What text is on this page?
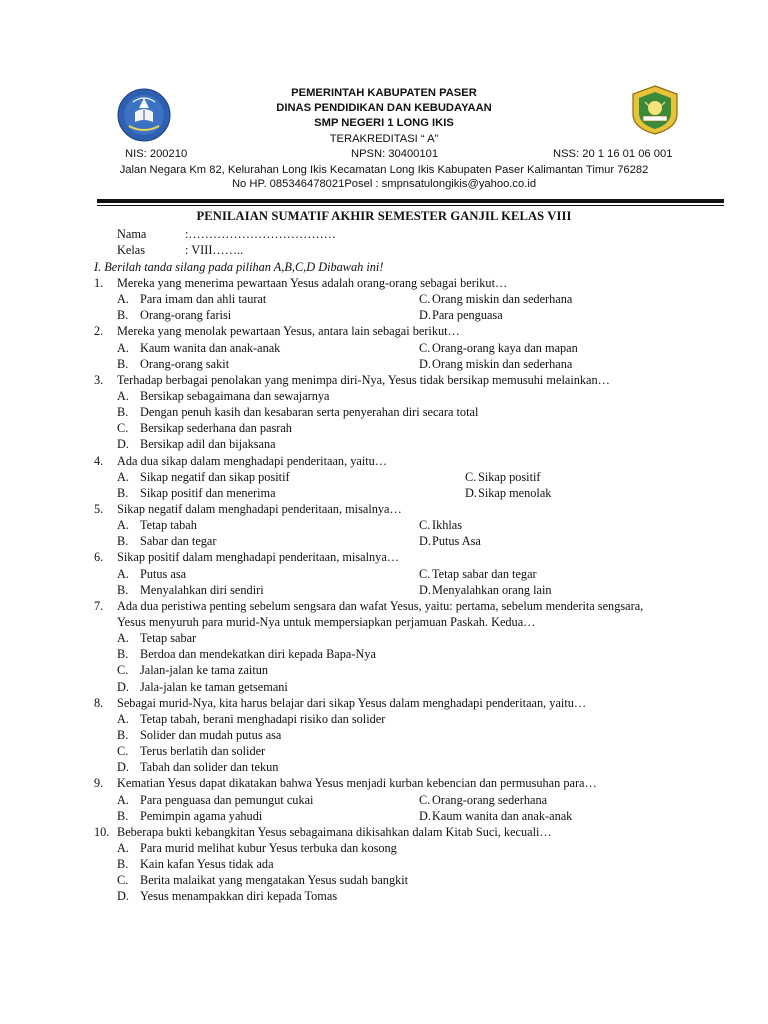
PEMERINTAH KABUPATEN PASER
DINAS PENDIDIKAN DAN KEBUDAYAAN
SMP NEGERI 1 LONG IKIS
TERAKREDITASI “ A”
NIS: 200210	NPSN: 30400101	NSS: 20 1 16 01 06 001
Jalan Negara Km 82, Kelurahan Long Ikis Kecamatan Long Ikis Kabupaten Paser Kalimantan Timur 76282
No HP. 085346478021Posel : smpnsatulongikis@yahoo.co.id
PENILAIAN SUMATIF AKHIR SEMESTER GANJIL KELAS VIII
Nama	:………………………………
Kelas	: VIII……..
I. Berilah tanda silang pada pilihan A,B,C,D Dibawah ini!
1. Mereka yang menerima pewartaan Yesus adalah orang-orang sebagai berikut…
A. Para imam dan ahli taurat	C. Orang miskin dan sederhana
B. Orang-orang farisi	D. Para penguasa
2. Mereka yang menolak pewartaan Yesus, antara lain sebagai berikut…
A. Kaum wanita dan anak-anak	C. Orang-orang kaya dan mapan
B. Orang-orang sakit	D. Orang miskin dan sederhana
3. Terhadap berbagai penolakan yang menimpa diri-Nya, Yesus tidak bersikap memusuhi melainkan…
A. Bersikap sebagaimana dan sewajarnya
B. Dengan penuh kasih dan kesabaran serta penyerahan diri secara total
C. Bersikap sederhana dan pasrah
D. Bersikap adil dan bijaksana
4. Ada dua sikap dalam menghadapi penderitaan, yaitu…
A. Sikap negatif dan sikap positif	C. Sikap positif
B. Sikap positif dan menerima	D. Sikap menolak
5. Sikap negatif dalam menghadapi penderitaan, misalnya…
A. Tetap tabah	C. Ikhlas
B. Sabar dan tegar	D. Putus Asa
6. Sikap positif dalam menghadapi penderitaan, misalnya…
A. Putus asa	C. Tetap sabar dan tegar
B. Menyalahkan diri sendiri	D. Menyalahkan orang lain
7. Ada dua peristiwa penting sebelum sengsara dan wafat Yesus, yaitu: pertama, sebelum menderita sengsara,
Yesus menyuruh para murid-Nya untuk mempersiapkan perjamuan Paskah. Kedua…
A. Tetap sabar
B. Berdoa dan mendekatkan diri kepada Bapa-Nya
C. Jalan-jalan ke tama zaitun
D. Jala-jalan ke taman getsemani
8. Sebagai murid-Nya, kita harus belajar dari sikap Yesus dalam menghadapi penderitaan, yaitu…
A. Tetap tabah, berani menghadapi risiko dan solider
B. Solider dan mudah putus asa
C. Terus berlatih dan solider
D. Tabah dan solider dan tekun
9. Kematian Yesus dapat dikatakan bahwa Yesus menjadi kurban kebencian dan permusuhan para…
A. Para penguasa dan pemungut cukai	C. Orang-orang sederhana
B. Pemimpin agama yahudi	D. Kaum wanita dan anak-anak
10. Beberapa bukti kebangkitan Yesus sebagaimana dikisahkan dalam Kitab Suci, kecuali…
A. Para murid melihat kubur Yesus terbuka dan kosong
B. Kain kafan Yesus tidak ada
C. Berita malaikat yang mengatakan Yesus sudah bangkit
D. Yesus menampakkan diri kepada Tomas
